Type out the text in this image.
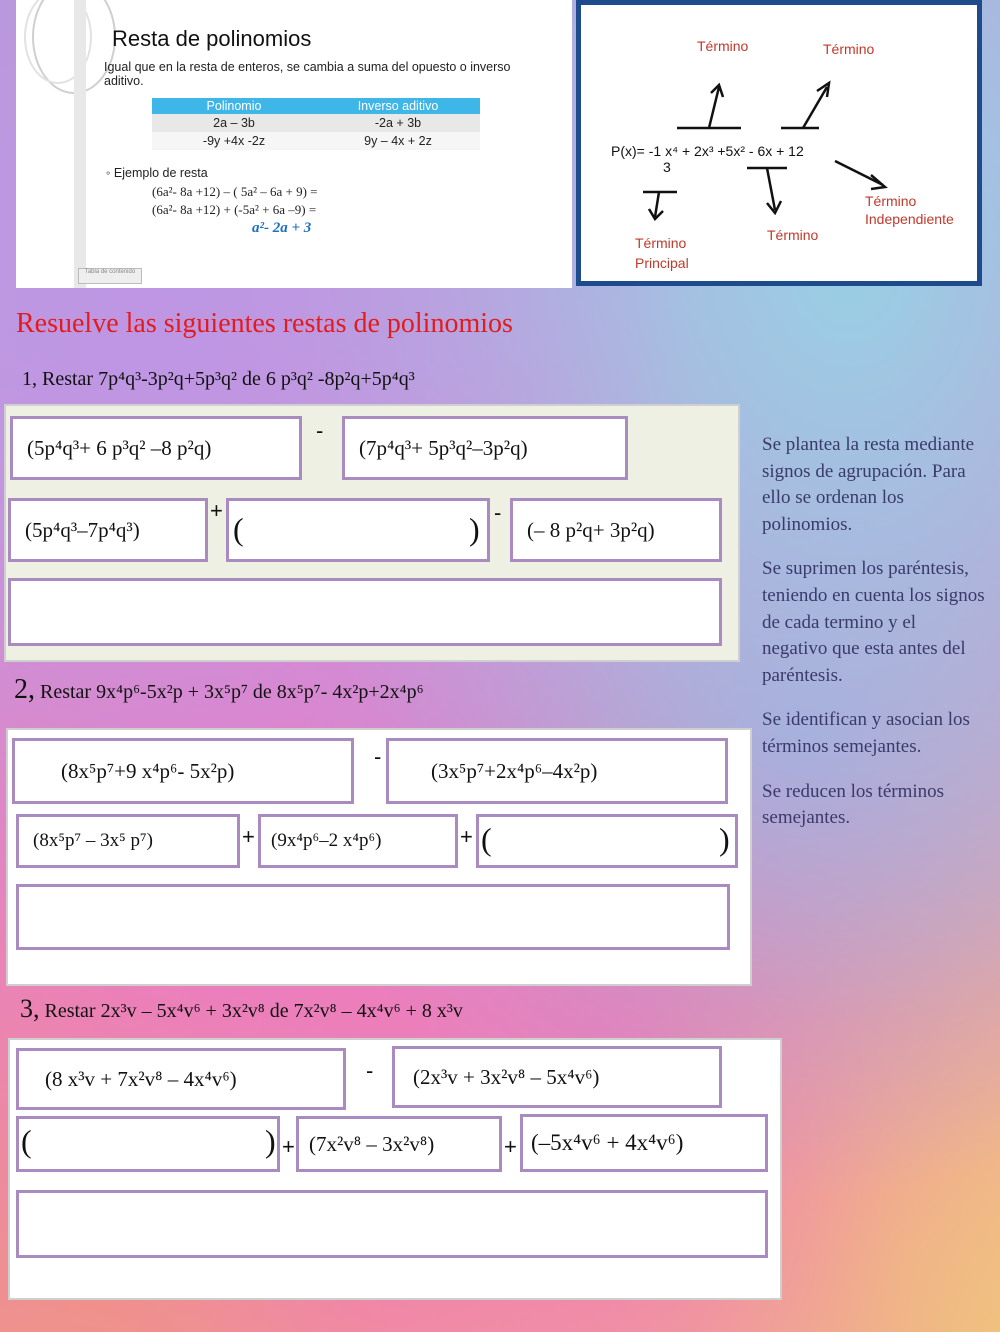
Resta de polinomios
Igual que en la resta de enteros, se cambia a suma del opuesto o inverso aditivo.
Polinomio	Inverso aditivo
2a – 3b	-2a + 3b
-9y +4x -2z	9y – 4x + 2z
◦ Ejemplo de resta
(6a²- 8a +12) – ( 5a² – 6a + 9) =
(6a²- 8a +12) + (-5a² + 6a –9) =
a²- 2a + 3
Tabla de contenido
Término	Término
P(x)= -1 x⁴ + 2x³ +5x² - 6x + 12
3
Término
Principal
Término
Término
Independiente
Resuelve las siguientes restas de polinomios
1, Restar 7p⁴q³-3p²q+5p³q² de 6 p³q² -8p²q+5p⁴q³
(5p⁴q³+ 6 p³q² –8 p²q)
-
(7p⁴q³+ 5p³q²–3p²q)
(5p⁴q³–7p⁴q³)
+
(	) -
(– 8 p²q+ 3p²q)

Se plantea la resta mediante signos de agrupación. Para ello se ordenan los polinomios.

Se suprimen los paréntesis, teniendo en cuenta los signos de cada termino y el negativo que esta antes del paréntesis.

Se identifican y asocian los términos semejantes.

Se reducen los términos semejantes.

2, Restar 9x⁴p⁶-5x²p + 3x⁵p⁷ de 8x⁵p⁷- 4x²p+2x⁴p⁶
(8x⁵p⁷+9 x⁴p⁶- 5x²p)
-
(3x⁵p⁷+2x⁴p⁶–4x²p)
(8x⁵p⁷ – 3x⁵ p⁷)	+ (9x⁴p⁶–2 x⁴p⁶)	+ (	)
3, Restar 2x³v – 5x⁴v⁶ + 3x²v⁸ de 7x²v⁸ – 4x⁴v⁶ + 8 x³v
(8 x³v + 7x²v⁸ – 4x⁴v⁶)	-	(2x³v + 3x²v⁸ – 5x⁴v⁶)
(	) + (7x²v⁸ – 3x²v⁸)	+ (–5x⁴v⁶ + 4x⁴v⁶)
